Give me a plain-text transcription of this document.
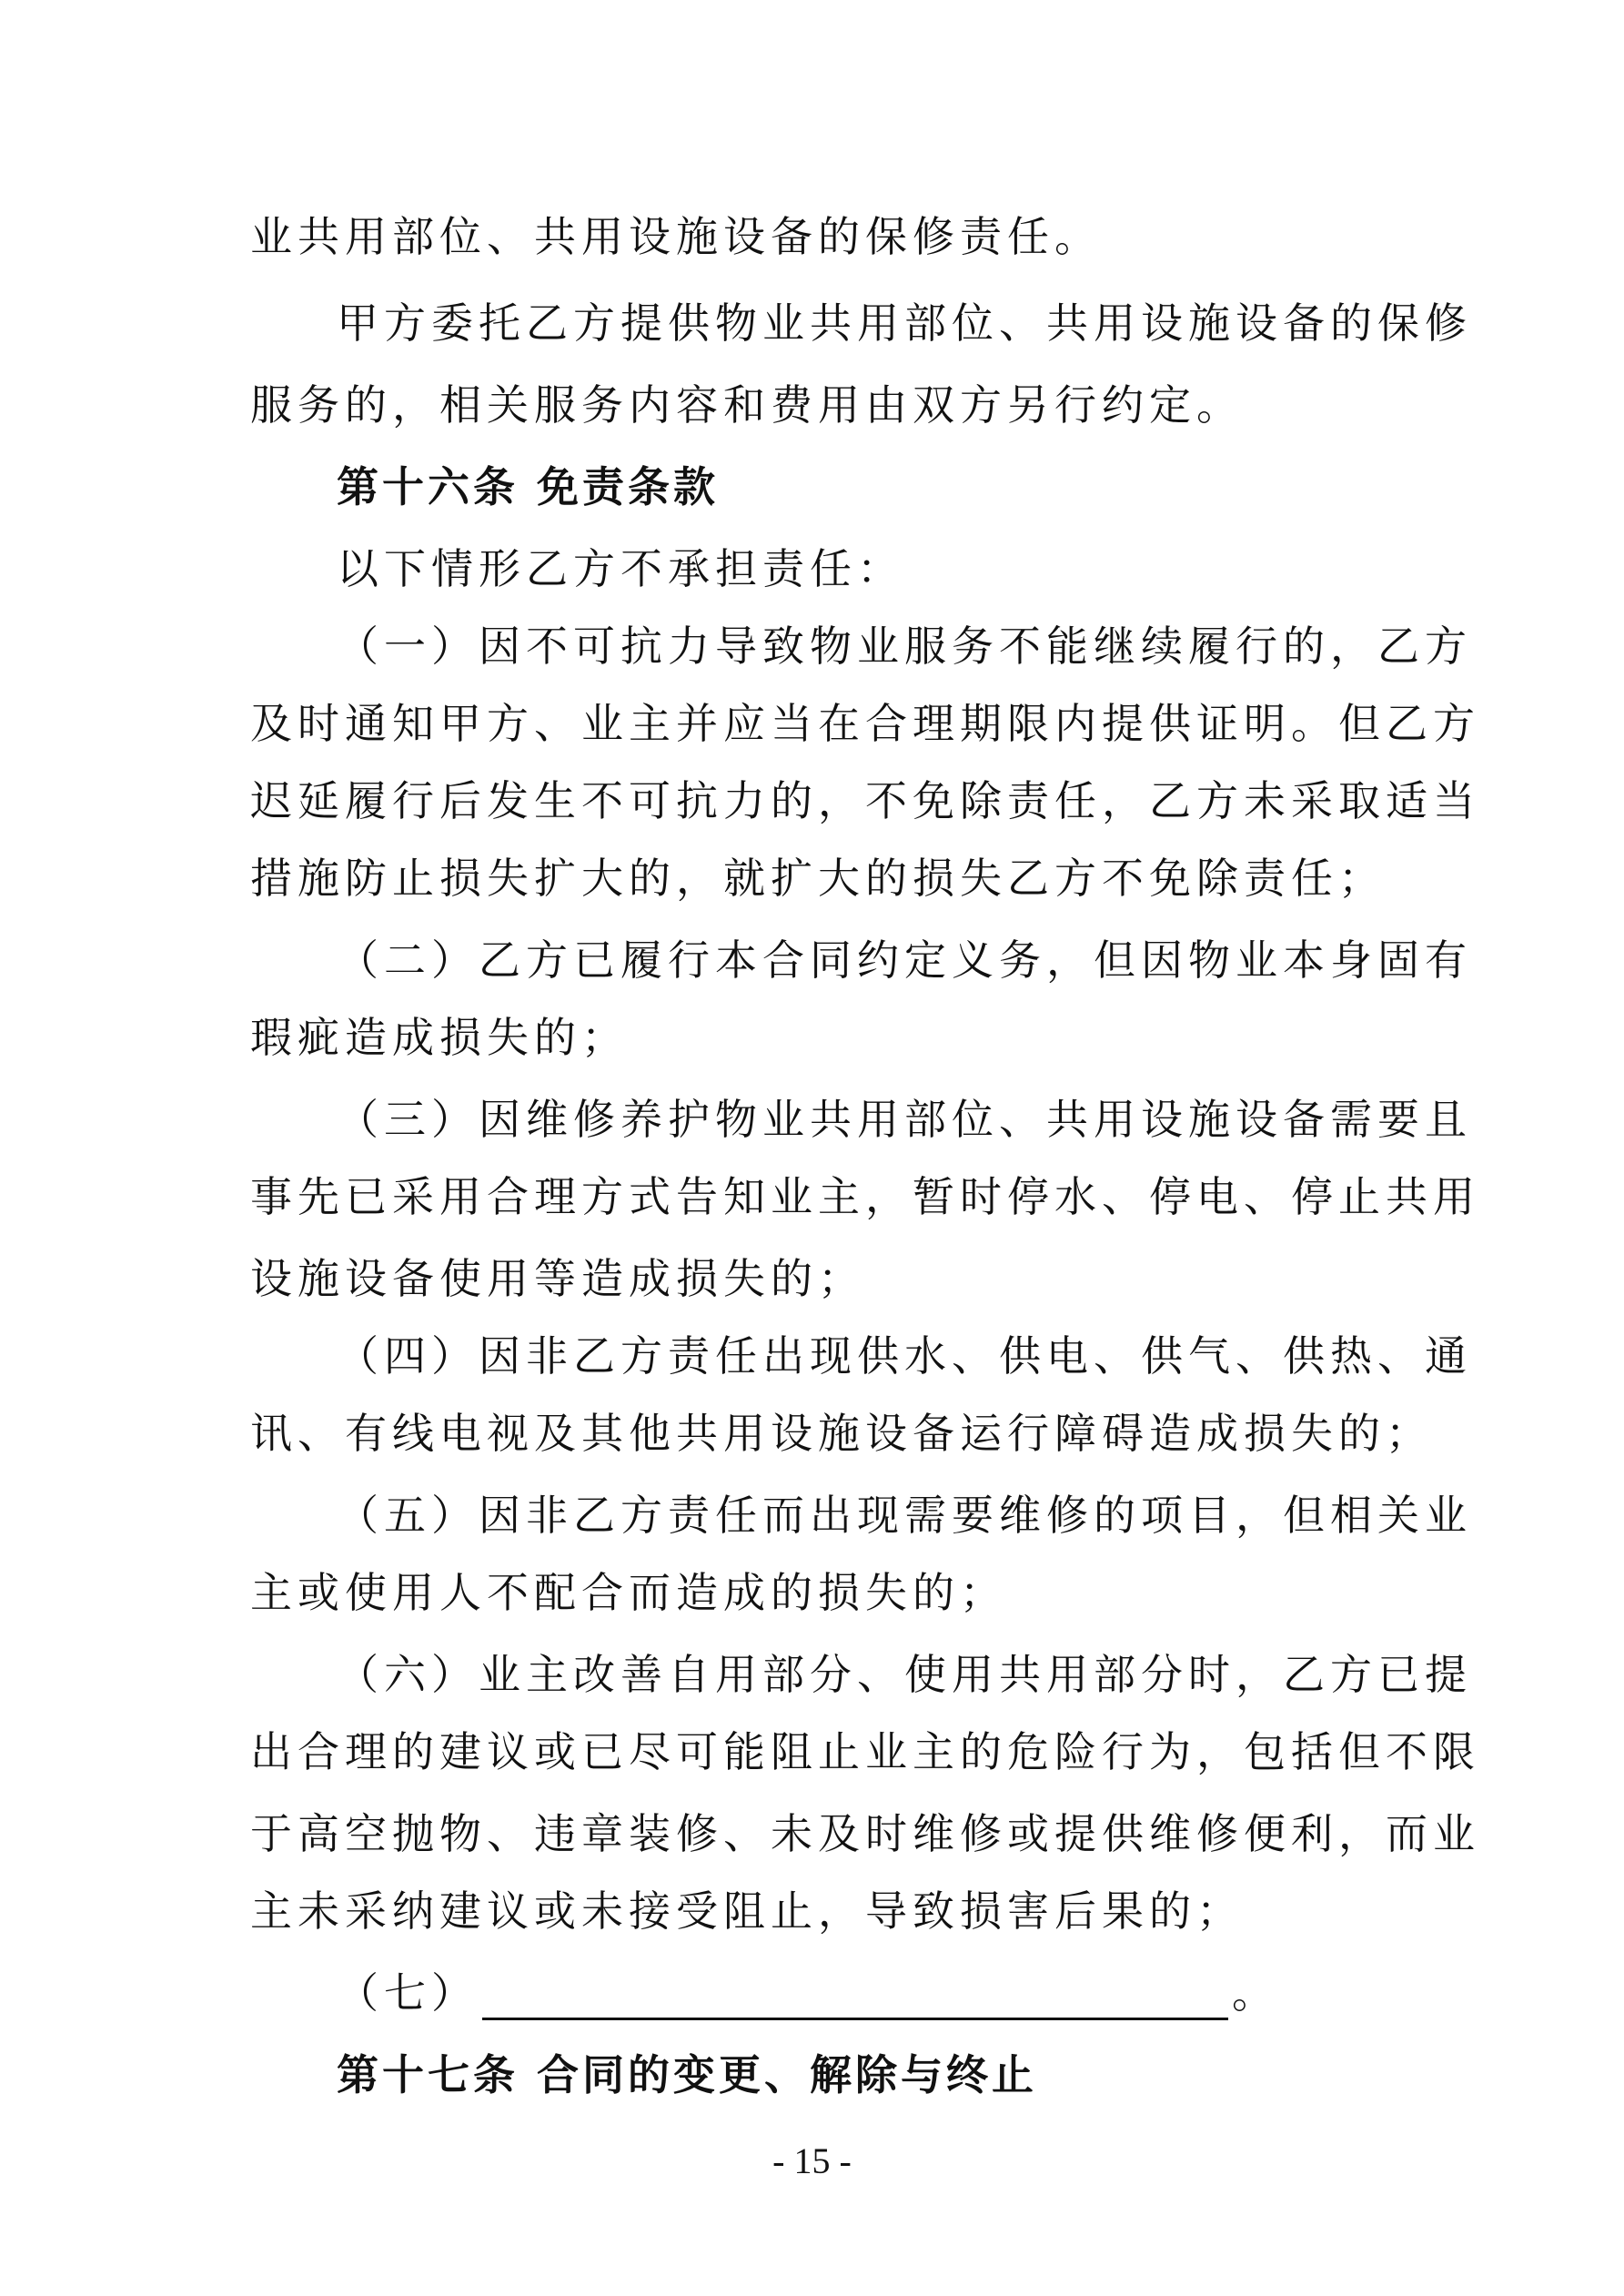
业共用部位、共用设施设备的保修责任。
甲方委托乙方提供物业共用部位、共用设施设备的保修
服务的，相关服务内容和费用由双方另行约定。
第十六条 免责条款
以下情形乙方不承担责任：
（一）因不可抗力导致物业服务不能继续履行的，乙方
及时通知甲方、业主并应当在合理期限内提供证明。但乙方
迟延履行后发生不可抗力的，不免除责任，乙方未采取适当
措施防止损失扩大的，就扩大的损失乙方不免除责任；
（二）乙方已履行本合同约定义务，但因物业本身固有
瑕疵造成损失的；
（三）因维修养护物业共用部位、共用设施设备需要且
事先已采用合理方式告知业主，暂时停水、停电、停止共用
设施设备使用等造成损失的；
（四）因非乙方责任出现供水、供电、供气、供热、通
讯、有线电视及其他共用设施设备运行障碍造成损失的；
（五）因非乙方责任而出现需要维修的项目，但相关业
主或使用人不配合而造成的损失的；
（六）业主改善自用部分、使用共用部分时，乙方已提
出合理的建议或已尽可能阻止业主的危险行为，包括但不限
于高空抛物、违章装修、未及时维修或提供维修便利，而业
主未采纳建议或未接受阻止，导致损害后果的；
（七）	。
第十七条 合同的变更、解除与终止
- 15 -
